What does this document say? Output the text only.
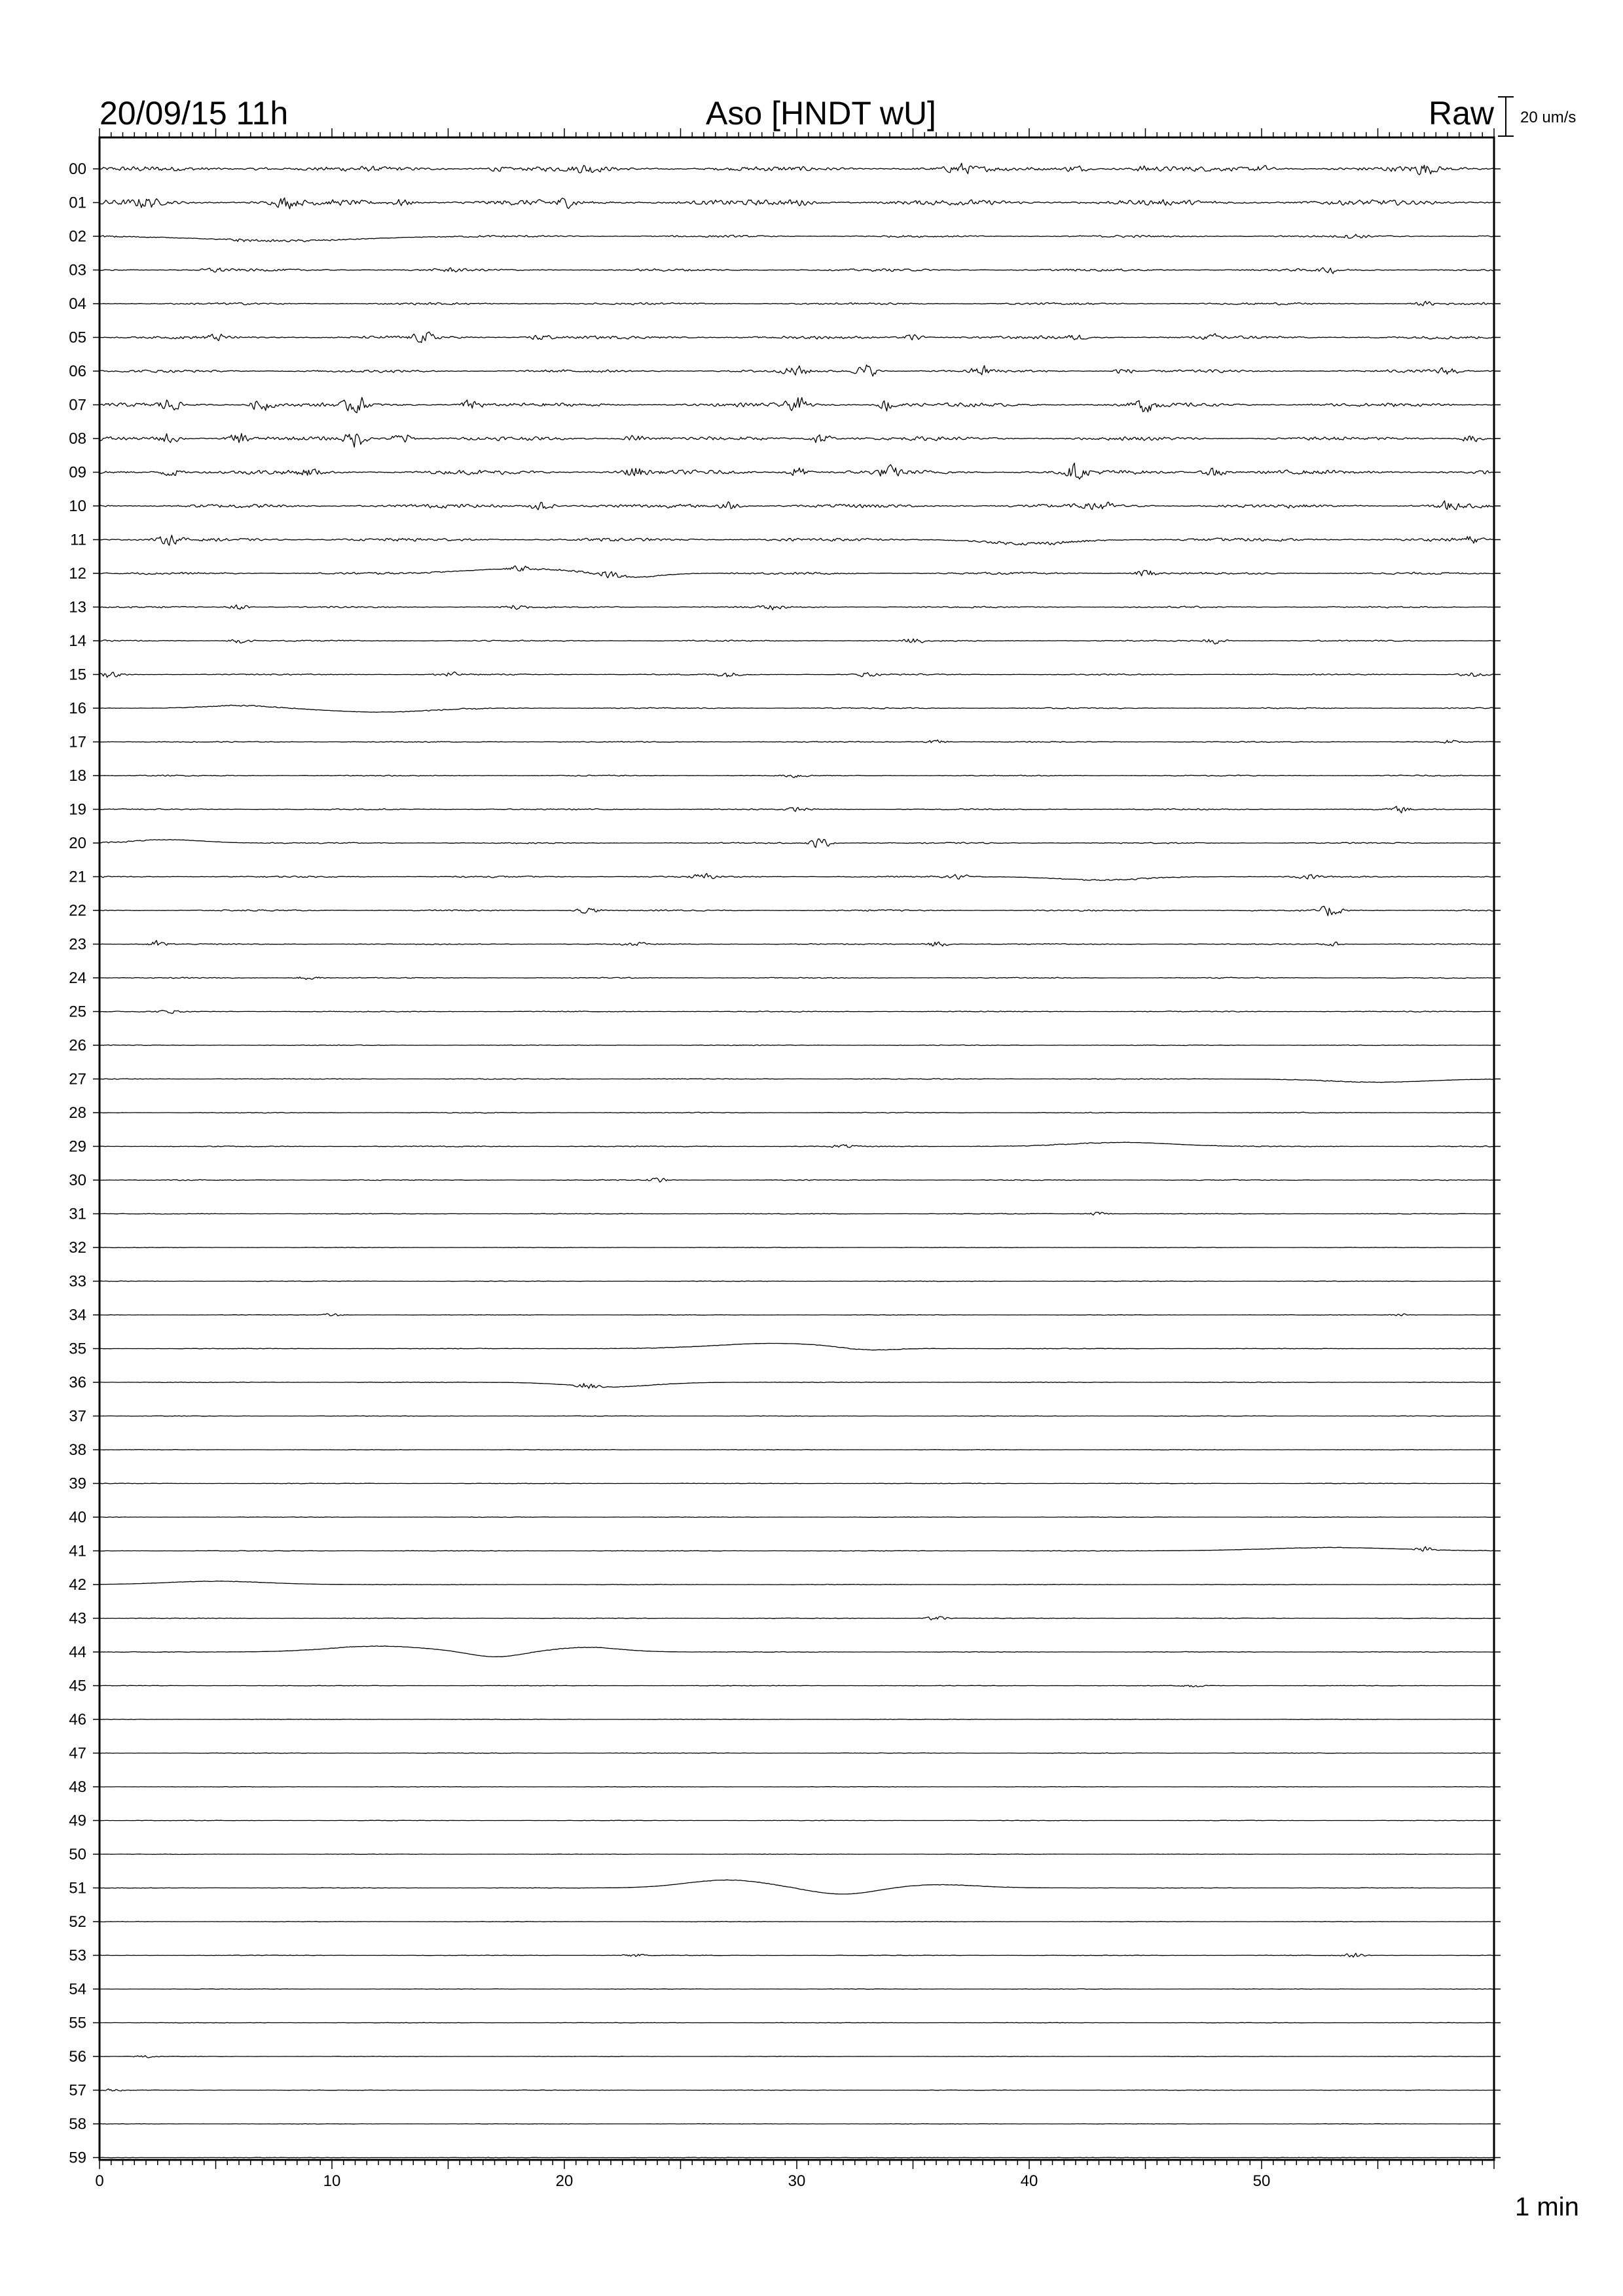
20/09/15 11h	Aso [HNDT wU]	Raw 20 um/s
00
01
02
03
04
05
06
07
08
09
10
11
12
13
14
15
16
17
18
19
20
21
22
23
24
25
26
27
28
29
30
31
32
33
34
35
36
37
38
39
40
41
42
43
44
45
46
47
48
49
50
51
52
53
54
55
56
57
58
59
0	10	20	30	40	50
1 min
